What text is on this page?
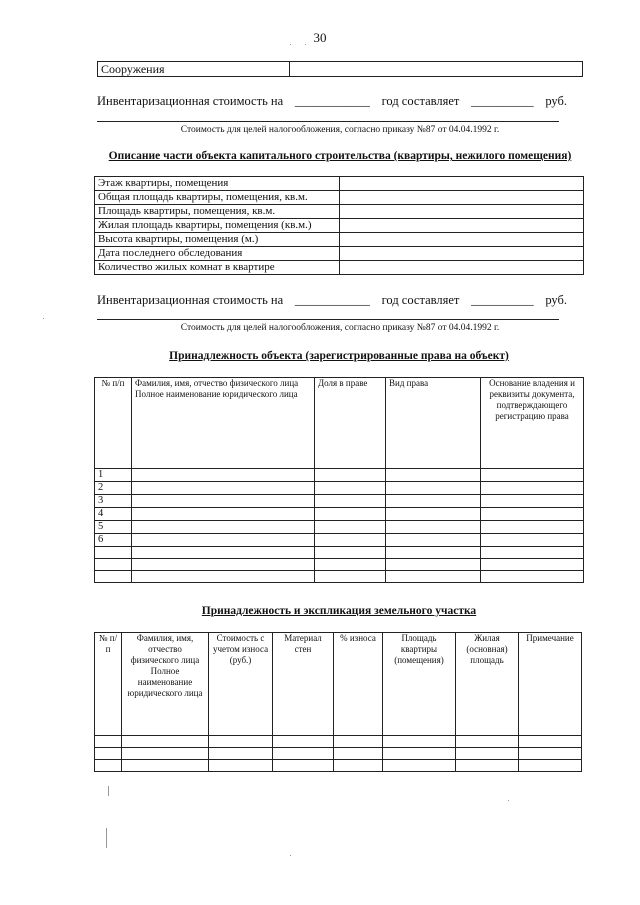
30
Сооружения	
Инвентаризационная стоимость на ____________ год составляет __________ руб.
Стоимость для целей налогообложения, согласно приказу №87 от 04.04.1992 г.
Описание части объекта капитального строительства (квартиры, нежилого помещения)
Этаж квартиры, помещения	
Общая площадь квартиры, помещения, кв.м.	
Площадь квартиры, помещения, кв.м.	
Жилая площадь квартиры, помещения (кв.м.)	
Высота квартиры, помещения (м.)	
Дата последнего обследования	
Количество жилых комнат в квартире	
Инвентаризационная стоимость на ____________ год составляет __________ руб.
Стоимость для целей налогообложения, согласно приказу №87 от 04.04.1992 г.
Принадлежность объекта (зарегистрированные права на объект)
№ п/п	Фамилия, имя, отчество физического лица Полное наименование юридического лица	Доля в праве	Вид права	Основание владения и реквизиты документа, подтверждающего регистрацию права
1				
2				
3				
4				
5				
6				

Принадлежность и экспликация земельного участка
№ п/п	Фамилия, имя, отчество физического лица Полное наименование юридического лица	Стоимость с учетом износа (руб.)	Материал стен	% износа	Площадь квартиры (помещения)	Жилая (основная) площадь	Примечание
